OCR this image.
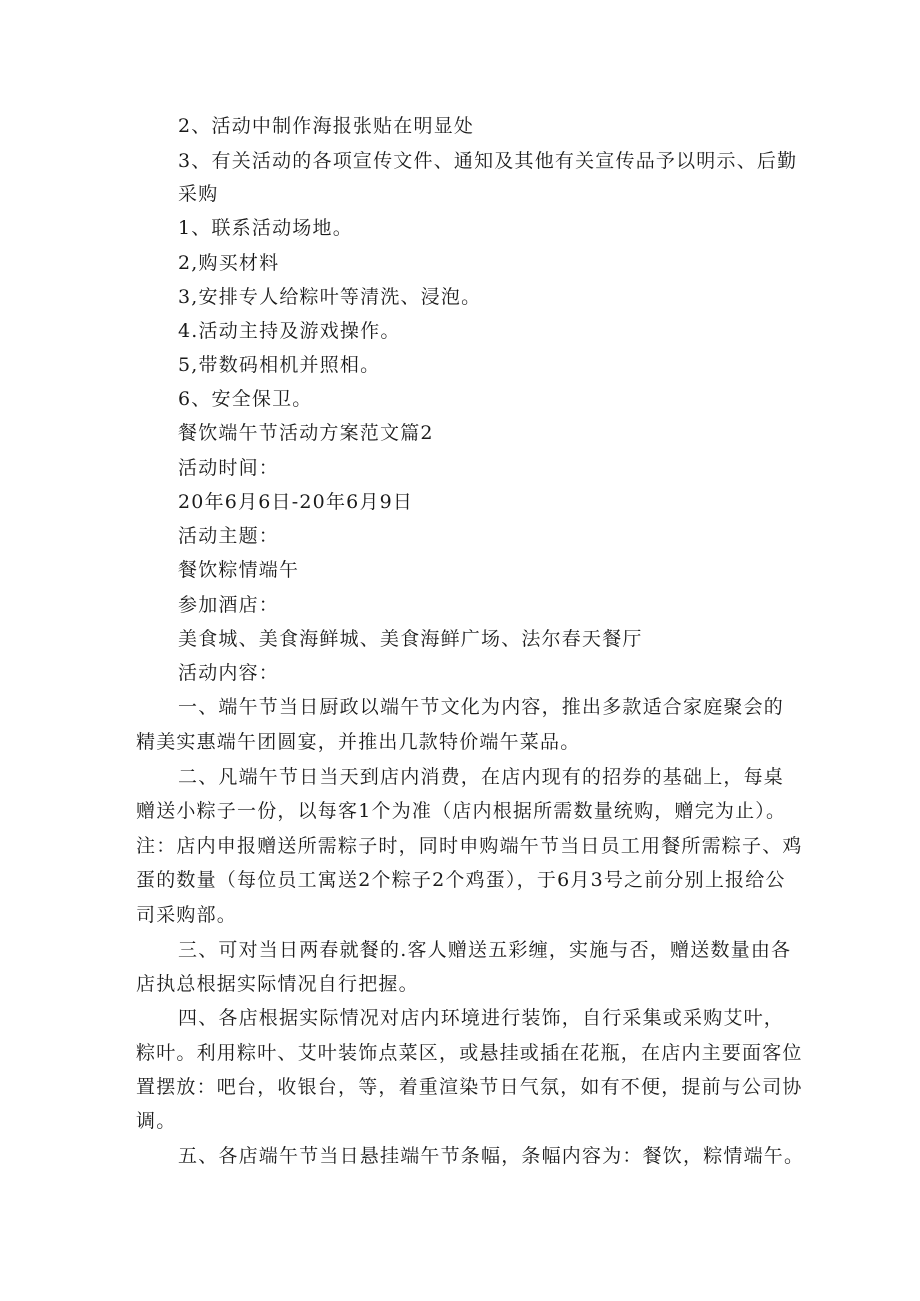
2、活动中制作海报张贴在明显处
3、有关活动的各项宣传文件、通知及其他有关宣传品予以明示、后勤
采购
1、联系活动场地。
2,购买材料
3,安排专人给粽叶等清洗、浸泡。
4.活动主持及游戏操作。
5,带数码相机并照相。
6、安全保卫。
餐饮端午节活动方案范文篇2
活动时间：
20年6月6日-20年6月9日
活动主题：
餐饮粽情端午
参加酒店：
美食城、美食海鲜城、美食海鲜广场、法尔春天餐厅
活动内容：
一、端午节当日厨政以端午节文化为内容，推出多款适合家庭聚会的
精美实惠端午团圆宴，并推出几款特价端午菜品。
二、凡端午节日当天到店内消费，在店内现有的招券的基础上，每桌
赠送小粽子一份，以每客1个为准（店内根据所需数量统购，赠完为止）。
注：店内申报赠送所需粽子时，同时申购端午节当日员工用餐所需粽子、鸡
蛋的数量（每位员工寓送2个粽子2个鸡蛋），于6月3号之前分别上报给公
司采购部。
三、可对当日两春就餐的.客人赠送五彩缠，实施与否，赠送数量由各
店执总根据实际情况自行把握。
四、各店根据实际情况对店内环境进行装饰，自行采集或采购艾叶，
粽叶。利用粽叶、艾叶装饰点菜区，或悬挂或插在花瓶，在店内主要面客位
置摆放：吧台，收银台，等，着重渲染节日气氛，如有不便，提前与公司协
调。
五、各店端午节当日悬挂端午节条幅，条幅内容为：餐饮，粽情端午。
